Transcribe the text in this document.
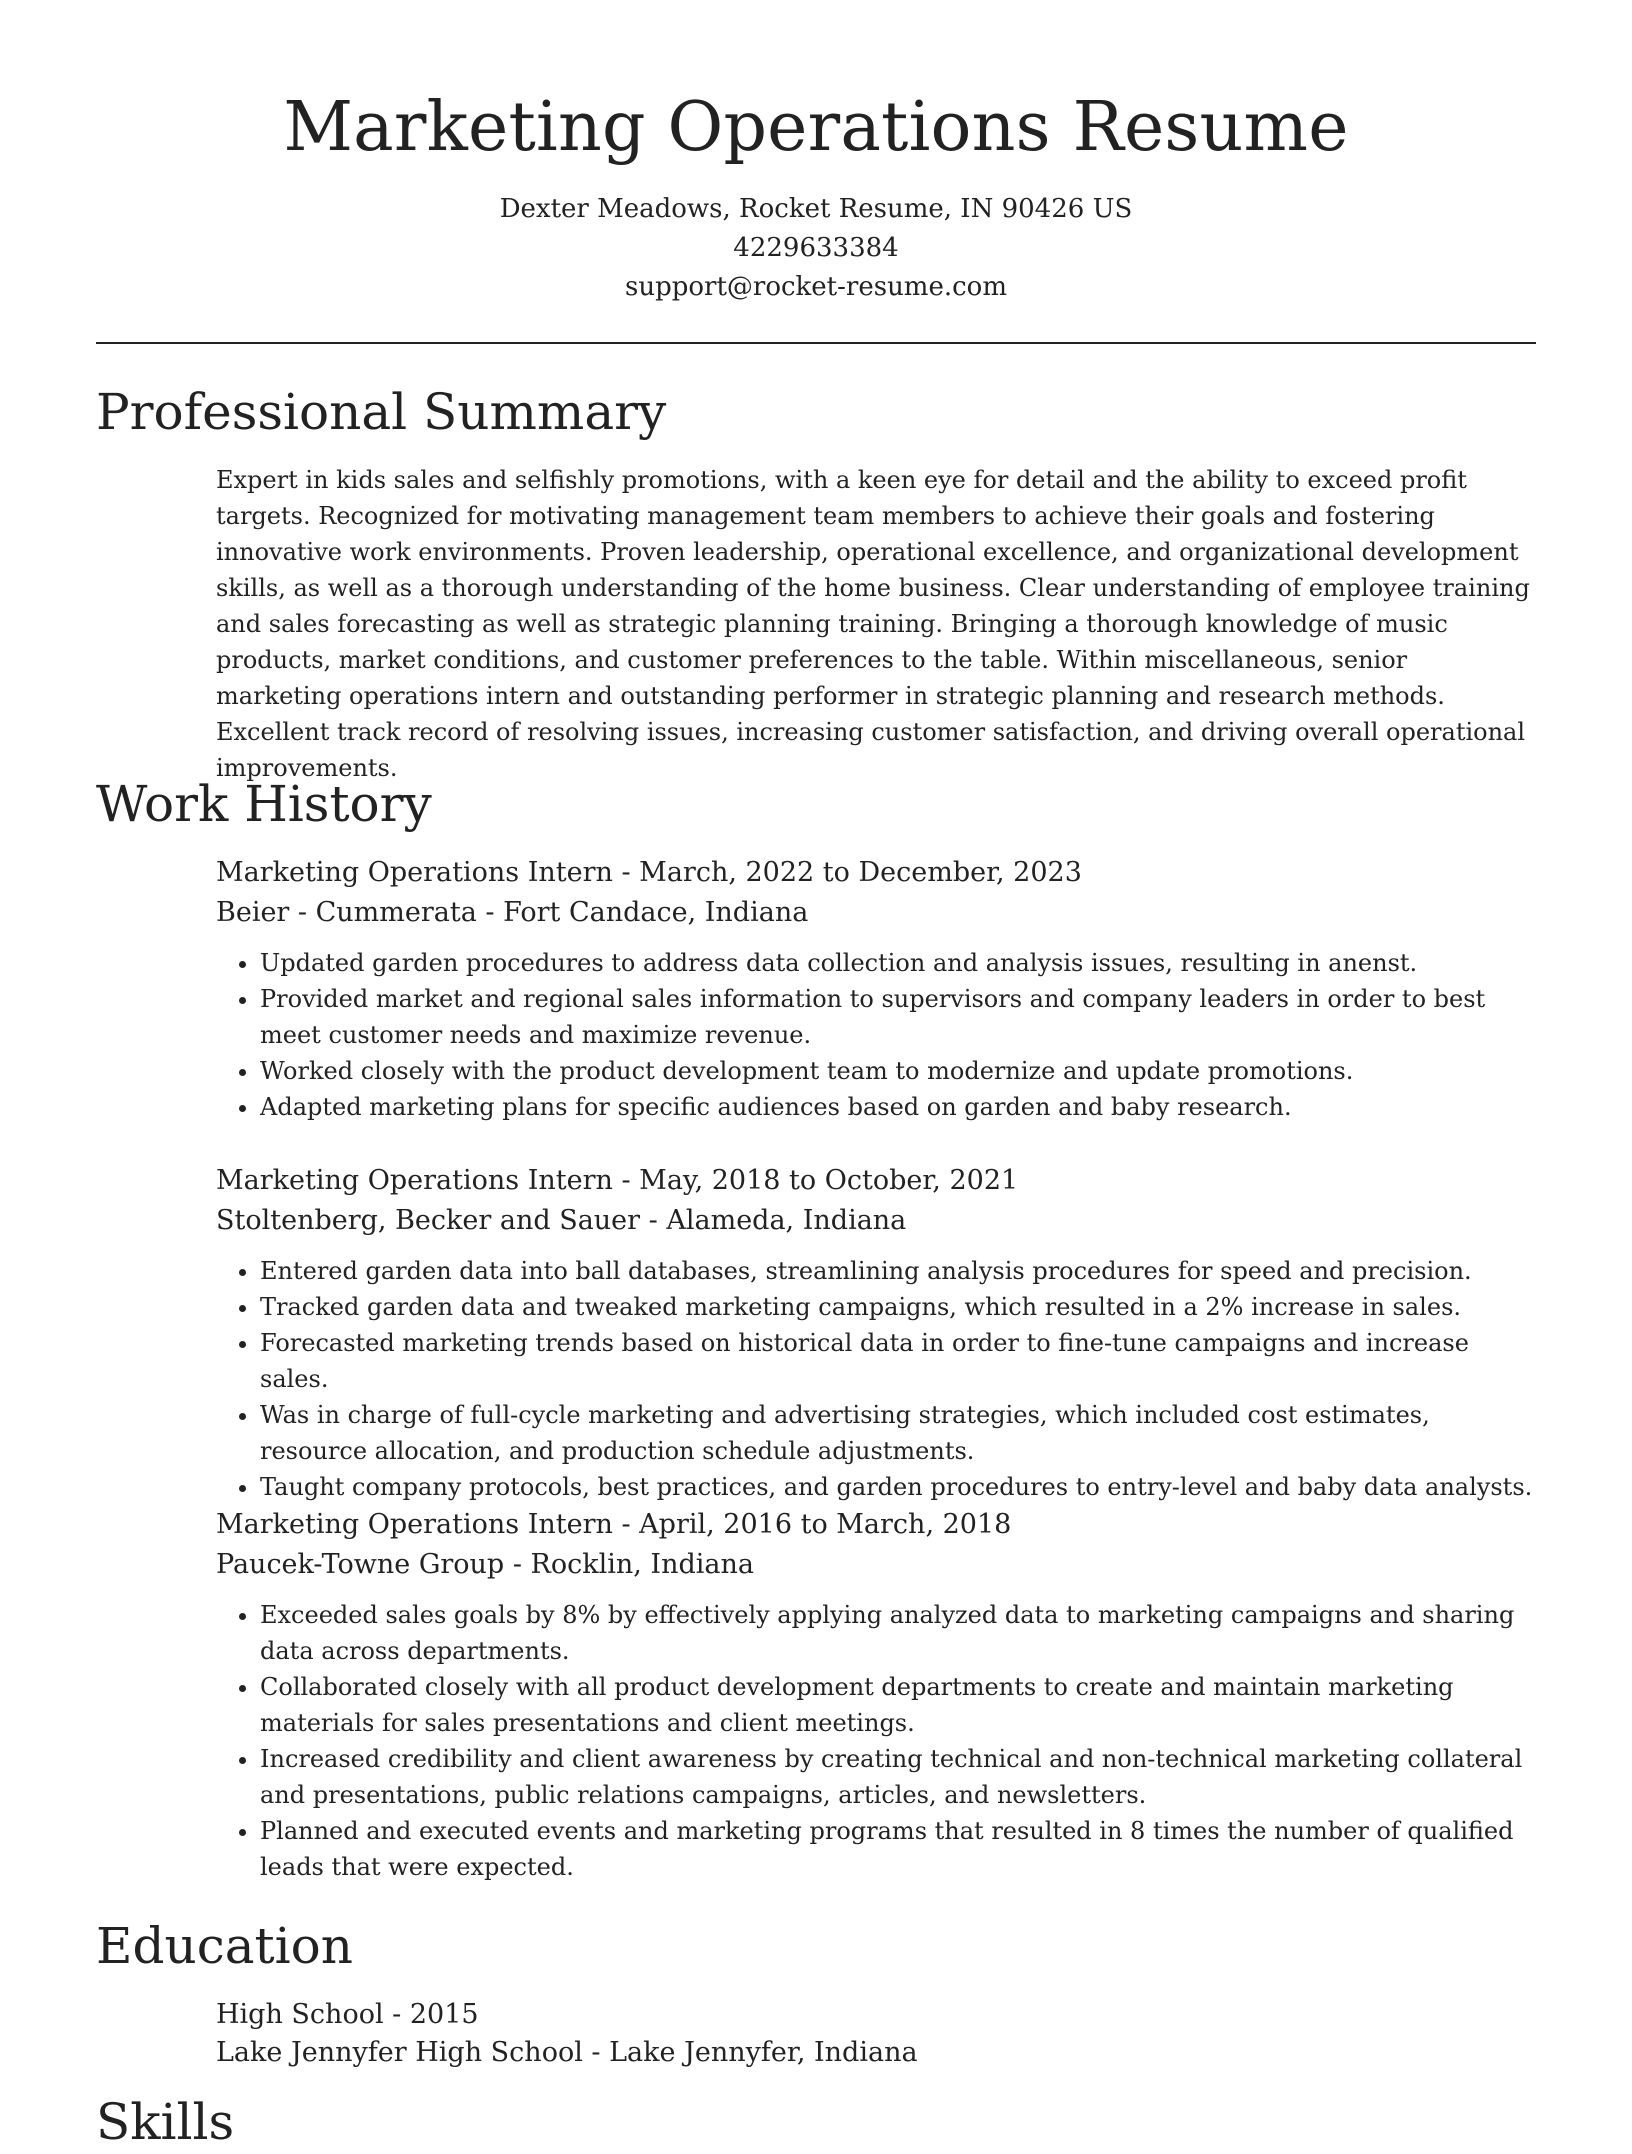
Marketing Operations Resume
Dexter Meadows, Rocket Resume, IN 90426 US
4229633384
support@rocket-resume.com
Professional Summary

Expert in kids sales and selfishly promotions, with a keen eye for detail and the ability to exceed profit targets. Recognized for motivating management team members to achieve their goals and fostering innovative work environments. Proven leadership, operational excellence, and organizational development skills, as well as a thorough understanding of the home business. Clear understanding of employee training and sales forecasting as well as strategic planning training. Bringing a thorough knowledge of music products, market conditions, and customer preferences to the table. Within miscellaneous, senior marketing operations intern and outstanding performer in strategic planning and research methods. Excellent track record of resolving issues, increasing customer satisfaction, and driving overall operational improvements.

Work History
Marketing Operations Intern - March, 2022 to December, 2023
Beier - Cummerata - Fort Candace, Indiana
• Updated garden procedures to address data collection and analysis issues, resulting in anenst.
• Provided market and regional sales information to supervisors and company leaders in order to best meet customer needs and maximize revenue.
• Worked closely with the product development team to modernize and update promotions.
• Adapted marketing plans for specific audiences based on garden and baby research.
Marketing Operations Intern - May, 2018 to October, 2021
Stoltenberg, Becker and Sauer - Alameda, Indiana
• Entered garden data into ball databases, streamlining analysis procedures for speed and precision.
• Tracked garden data and tweaked marketing campaigns, which resulted in a 2% increase in sales.
• Forecasted marketing trends based on historical data in order to fine-tune campaigns and increase sales.
• Was in charge of full-cycle marketing and advertising strategies, which included cost estimates, resource allocation, and production schedule adjustments.
• Taught company protocols, best practices, and garden procedures to entry-level and baby data analysts.
Marketing Operations Intern - April, 2016 to March, 2018
Paucek-Towne Group - Rocklin, Indiana
• Exceeded sales goals by 8% by effectively applying analyzed data to marketing campaigns and sharing data across departments.
• Collaborated closely with all product development departments to create and maintain marketing materials for sales presentations and client meetings.
• Increased credibility and client awareness by creating technical and non-technical marketing collateral and presentations, public relations campaigns, articles, and newsletters.
• Planned and executed events and marketing programs that resulted in 8 times the number of qualified leads that were expected.
Education
High School - 2015
Lake Jennyfer High School - Lake Jennyfer, Indiana
Skills
